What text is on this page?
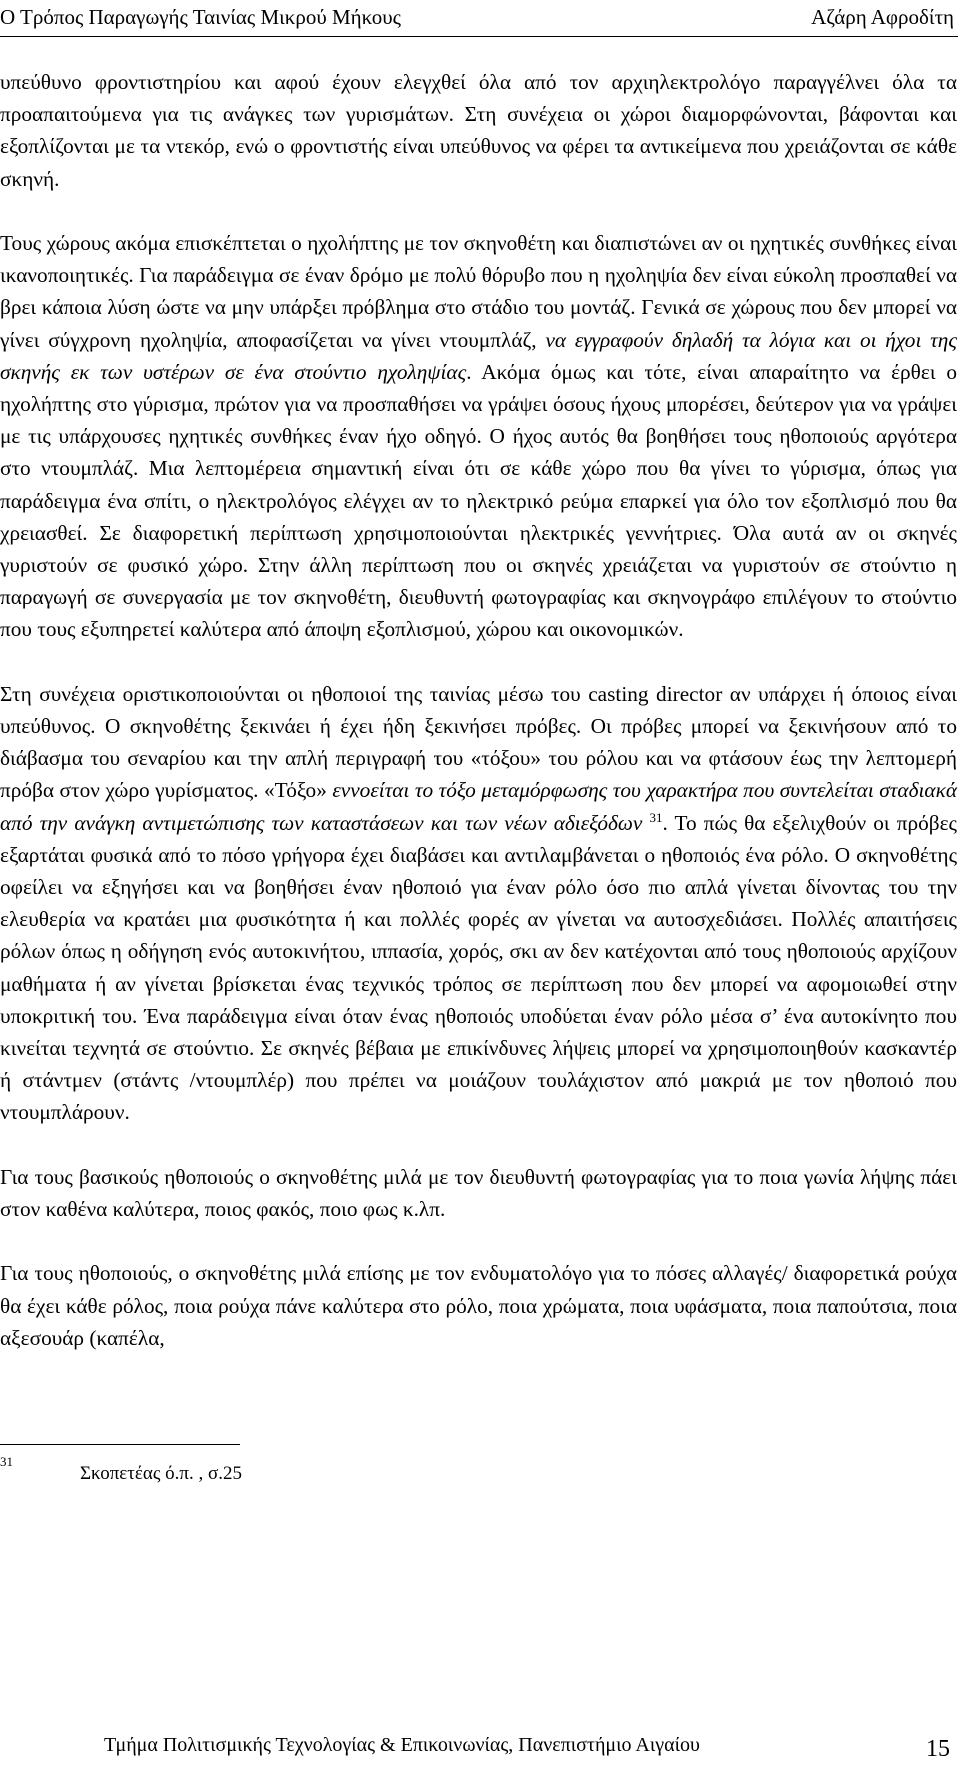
Ο Τρόπος Παραγωγής Ταινίας Μικρού Μήκους	Αζάρη Αφροδίτη

υπεύθυνο φροντιστηρίου και αφού έχουν ελεγχθεί όλα από τον αρχιηλεκτρολόγο παραγγέλνει όλα τα προαπαιτούμενα για τις ανάγκες των γυρισμάτων. Στη συνέχεια οι χώροι διαμορφώνονται, βάφονται και εξοπλίζονται με τα ντεκόρ, ενώ ο φροντιστής είναι υπεύθυνος να φέρει τα αντικείμενα που χρειάζονται σε κάθε σκηνή.

Τους χώρους ακόμα επισκέπτεται ο ηχολήπτης με τον σκηνοθέτη και διαπιστώνει αν οι ηχητικές συνθήκες είναι ικανοποιητικές. Για παράδειγμα σε έναν δρόμο με πολύ θόρυβο που η ηχοληψία δεν είναι εύκολη προσπαθεί να βρει κάποια λύση ώστε να μην υπάρξει πρόβλημα στο στάδιο του μοντάζ. Γενικά σε χώρους που δεν μπορεί να γίνει σύγχρονη ηχοληψία, αποφασίζεται να γίνει ντουμπλάζ, να εγγραφούν δηλαδή τα λόγια και οι ήχοι της σκηνής εκ των υστέρων σε ένα στούντιο ηχοληψίας. Ακόμα όμως και τότε, είναι απαραίτητο να έρθει ο ηχολήπτης στο γύρισμα, πρώτον για να προσπαθήσει να γράψει όσους ήχους μπορέσει, δεύτερον για να γράψει με τις υπάρχουσες ηχητικές συνθήκες έναν ήχο οδηγό. Ο ήχος αυτός θα βοηθήσει τους ηθοποιούς αργότερα στο ντουμπλάζ. Μια λεπτομέρεια σημαντική είναι ότι σε κάθε χώρο που θα γίνει το γύρισμα, όπως για παράδειγμα ένα σπίτι, ο ηλεκτρολόγος ελέγχει αν το ηλεκτρικό ρεύμα επαρκεί για όλο τον εξοπλισμό που θα χρειασθεί. Σε διαφορετική περίπτωση χρησιμοποιούνται ηλεκτρικές γεννήτριες. Όλα αυτά αν οι σκηνές γυριστούν σε φυσικό χώρο. Στην άλλη περίπτωση που οι σκηνές χρειάζεται να γυριστούν σε στούντιο η παραγωγή σε συνεργασία με τον σκηνοθέτη, διευθυντή φωτογραφίας και σκηνογράφο επιλέγουν το στούντιο που τους εξυπηρετεί καλύτερα από άποψη εξοπλισμού, χώρου και οικονομικών.

Στη συνέχεια οριστικοποιούνται οι ηθοποιοί της ταινίας μέσω του casting director αν υπάρχει ή όποιος είναι υπεύθυνος. Ο σκηνοθέτης ξεκινάει ή έχει ήδη ξεκινήσει πρόβες. Οι πρόβες μπορεί να ξεκινήσουν από το διάβασμα του σεναρίου και την απλή περιγραφή του «τόξου» του ρόλου και να φτάσουν έως την λεπτομερή πρόβα στον χώρο γυρίσματος. «Τόξο» εννοείται το τόξο μεταμόρφωσης του χαρακτήρα που συντελείται σταδιακά από την ανάγκη αντιμετώπισης των καταστάσεων και των νέων αδιεξόδων $^{31}$. Το πώς θα εξελιχθούν οι πρόβες εξαρτάται φυσικά από το πόσο γρήγορα έχει διαβάσει και αντιλαμβάνεται ο ηθοποιός ένα ρόλο. Ο σκηνοθέτης οφείλει να εξηγήσει και να βοηθήσει έναν ηθοποιό για έναν ρόλο όσο πιο απλά γίνεται δίνοντας του την ελευθερία να κρατάει μια φυσικότητα ή και πολλές φορές αν γίνεται να αυτοσχεδιάσει. Πολλές απαιτήσεις ρόλων όπως η οδήγηση ενός αυτοκινήτου, ιππασία, χορός, σκι αν δεν κατέχονται από τους ηθοποιούς αρχίζουν μαθήματα ή αν γίνεται βρίσκεται ένας τεχνικός τρόπος σε περίπτωση που δεν μπορεί να αφομοιωθεί στην υποκριτική του. Ένα παράδειγμα είναι όταν ένας ηθοποιός υποδύεται έναν ρόλο μέσα σ’ ένα αυτοκίνητο που κινείται τεχνητά σε στούντιο. Σε σκηνές βέβαια με επικίνδυνες λήψεις μπορεί να χρησιμοποιηθούν κασκαντέρ ή στάντμεν (στάντς /ντουμπλέρ) που πρέπει να μοιάζουν τουλάχιστον από μακριά με τον ηθοποιό που ντουμπλάρουν.

Για τους βασικούς ηθοποιούς ο σκηνοθέτης μιλά με τον διευθυντή φωτογραφίας για το ποια γωνία λήψης πάει στον καθένα καλύτερα, ποιος φακός, ποιο φως κ.λπ.

Για τους ηθοποιούς, ο σκηνοθέτης μιλά επίσης με τον ενδυματολόγο για το πόσες αλλαγές/ διαφορετικά ρούχα θα έχει κάθε ρόλος, ποια ρούχα πάνε καλύτερα στο ρόλο, ποια χρώματα, ποια υφάσματα, ποια παπούτσια, ποια αξεσουάρ (καπέλα,

31
Σκοπετέας ό.π. , σ.25
Τμήμα Πολιτισμικής Τεχνολογίας & Επικοινωνίας, Πανεπιστήμιο Αιγαίου	15
